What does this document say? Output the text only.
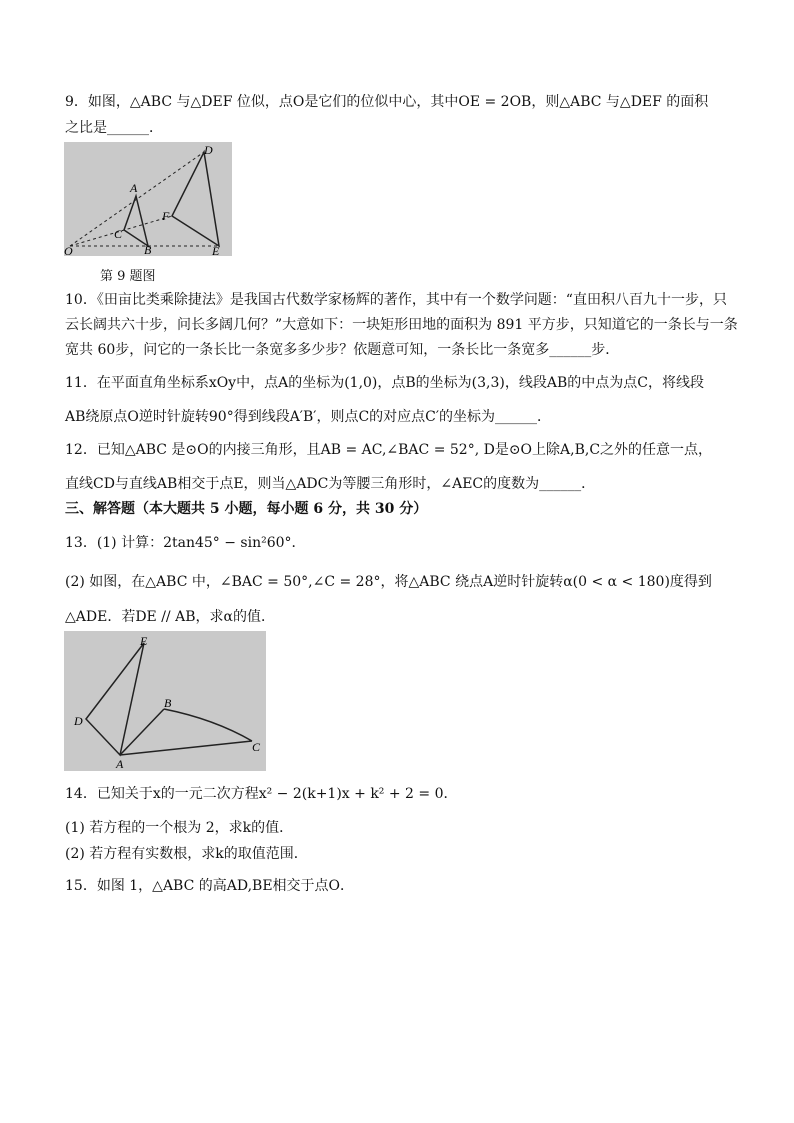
9．如图，△ABC 与△DEF 位似，点O是它们的位似中心，其中OE = 2OB，则△ABC 与△DEF 的面积
之比是______．
A
B
C
D
E
F
O
第 9 题图
10．《田亩比类乘除捷法》是我国古代数学家杨辉的著作，其中有一个数学问题：“直田积八百九十一步，只
云长阔共六十步，问长多阔几何？”大意如下：一块矩形田地的面积为 891 平方步，只知道它的一条长与一条
宽共 60步，问它的一条长比一条宽多多少步？依题意可知，一条长比一条宽多______步．
11．在平面直角坐标系xOy中，点A的坐标为(1,0)，点B的坐标为(3,3)，线段AB的中点为点C，将线段
AB绕原点O逆时针旋转90°得到线段A′B′，则点C的对应点C′的坐标为______．
12．已知△ABC 是⊙O的内接三角形，且AB = AC,∠BAC = 52°, D是⊙O上除A,B,C之外的任意一点，
直线CD与直线AB相交于点E，则当△ADC为等腰三角形时，∠AEC的度数为______．
三、解答题（本大题共 5 小题，每小题 6 分，共 30 分）
13．(1) 计算：2tan45° − sin²60°．
(2) 如图，在△ABC 中，∠BAC = 50°,∠C = 28°，将△ABC 绕点A逆时针旋转α(0 < α < 180)度得到
△ADE．若DE // AB，求α的值．
E
D
A
B
C
14．已知关于x的一元二次方程x² − 2(k+1)x + k² + 2 = 0．
(1) 若方程的一个根为 2，求k的值．
(2) 若方程有实数根，求k的取值范围．
15．如图 1，△ABC 的高AD,BE相交于点O．
